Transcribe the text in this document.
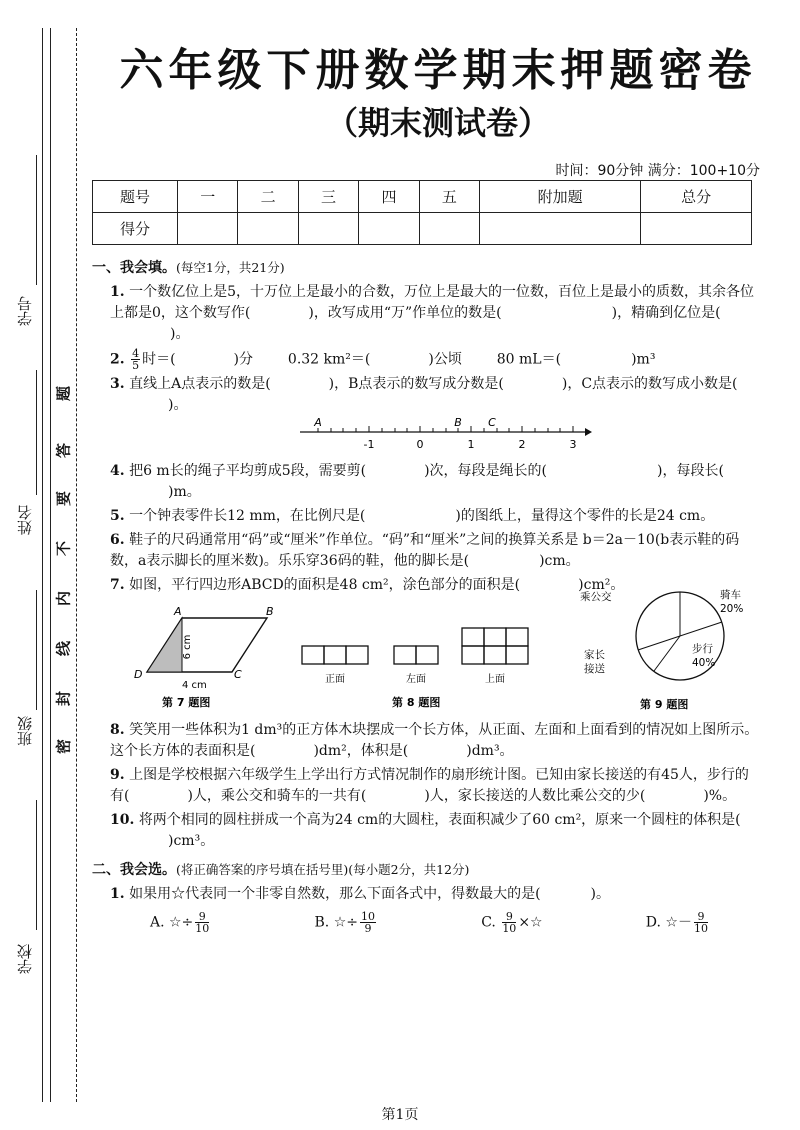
学号
姓名
班级
学校
题
答
要
不
内
线
封
密
六年级下册数学期末押题密卷
（期末测试卷）
时间：90分钟 满分：100+10分
题号	一	二	三	四	五	附加题	总分
得分							
一、我会填。(每空1分，共21分)
1. 一个数亿位上是5，十万位上是最小的合数，万位上是最大的一位数，百位上是最小的质数，其余各位上都是0，这个数写作(	)，改写成用“万”作单位的数是(	)，精确到亿位是()。
2. $\frac{4}{5}$ 时＝(	)分 0.32 km²＝(	)公顷 80 mL＝(	)m³
3. 直线上A点表示的数是(	)，B点表示的数写成分数是(	)，C点表示的数写成小数是()。
A	B C
-1	0	1	2	3
4. 把6 m长的绳子平均剪成5段，需要剪(	)次，每段是绳长的(	)，每段长()m。
5. 一个钟表零件长12 mm，在比例尺是(	)的图纸上，量得这个零件的长是24 cm。
6. 鞋子的尺码通常用“码”或“厘米”作单位。“码”和“厘米”之间的换算关系是 b＝2a－10(b表示鞋的码数，a表示脚长的厘米数)。乐乐穿36码的鞋，他的脚长是(	)cm。
7. 如图，平行四边形ABCD的面积是48 cm²，涂色部分的面积是(	)cm²。
A	B
C
D
6 cm
4 cm
第 7 题图
正面	左面	上面
第 8 题图
乘公交	骑车
20%
家长
接送
步行
40%
第 9 题图
8. 笑笑用一些体积为1 dm³的正方体木块摆成一个长方体，从正面、左面和上面看到的情况如上图所示。这个长方体的表面积是(	)dm²，体积是(	)dm³。
9. 上图是学校根据六年级学生上学出行方式情况制作的扇形统计图。已知由家长接送的有45人，步行的有(	)人，乘公交和骑车的一共有(	)人，家长接送的人数比乘公交的少(	)%。
10. 将两个相同的圆柱拼成一个高为24 cm的大圆柱，表面积减少了60 cm²，原来一个圆柱的体积是()cm³。
二、我会选。(将正确答案的序号填在括号里)(每小题2分，共12分)
1. 如果用☆代表同一个非零自然数，那么下面各式中，得数最大的是(	)。
A. ☆÷ $\frac{9}{10}$	B. ☆÷ $\frac{10}{9}$	C. $\frac{9}{10}$ ×☆	D. ☆－ $\frac{9}{10}$
第1页
